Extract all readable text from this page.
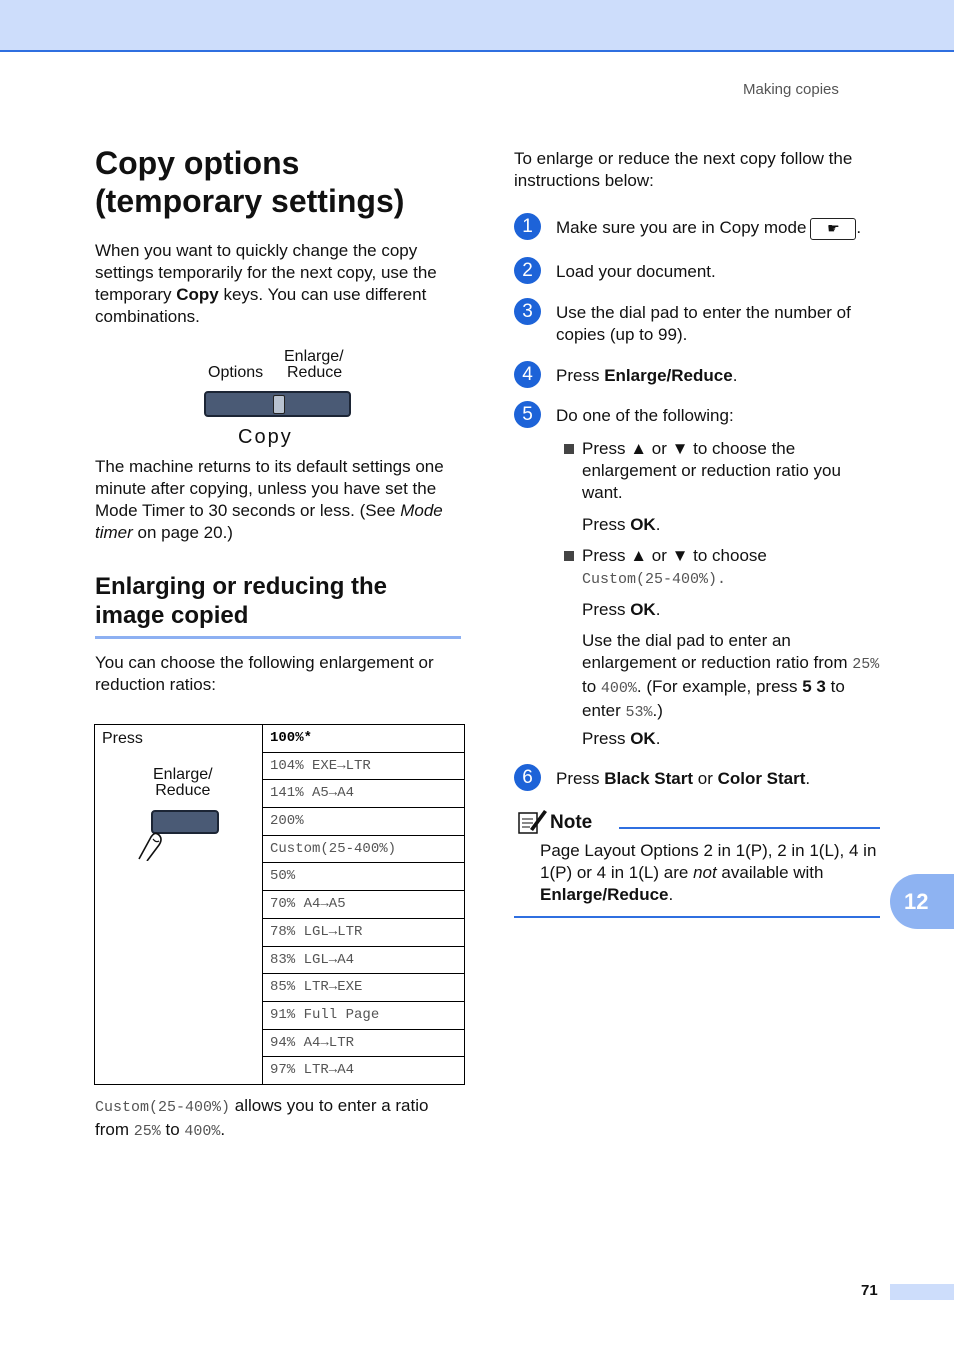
Making copies
Copy options (temporary settings)
When you want to quickly change the copy settings temporarily for the next copy, use the temporary Copy keys. You can use different combinations.
Options
Enlarge/
Reduce
Copy
The machine returns to its default settings one minute after copying, unless you have set the Mode Timer to 30 seconds or less. (See Mode timer on page 20.)
Enlarging or reducing the image copied
You can choose the following enlargement or reduction ratios:
Press
Enlarge/
Reduce
100%*
104% EXE→LTR
141% A5→A4
200%
Custom(25-400%)
50%
70% A4→A5
78% LGL→LTR
83% LGL→A4
85% LTR→EXE
91% Full Page
94% A4→LTR
97% LTR→A4
Custom(25-400%) allows you to enter a ratio from 25% to 400%.
To enlarge or reduce the next copy follow the instructions below:
1	Make sure you are in Copy mode ☛ .
2	Load your document.
3	Use the dial pad to enter the number of
copies (up to 99).
4	Press Enlarge/Reduce.
5	Do one of the following:
Press ▲ or ▼ to choose the enlargement or reduction ratio you want.
Press OK.
Press ▲ or ▼ to choose
Custom(25-400%).
Press OK.
Use the dial pad to enter an enlargement or reduction ratio from 25% to 400%. (For example, press 5 3 to enter 53%.)
Press OK.
6	Press Black Start or Color Start.
Note
Page Layout Options 2 in 1(P), 2 in 1(L), 4 in 1(P) or 4 in 1(L) are not available with Enlarge/Reduce.	12
71
